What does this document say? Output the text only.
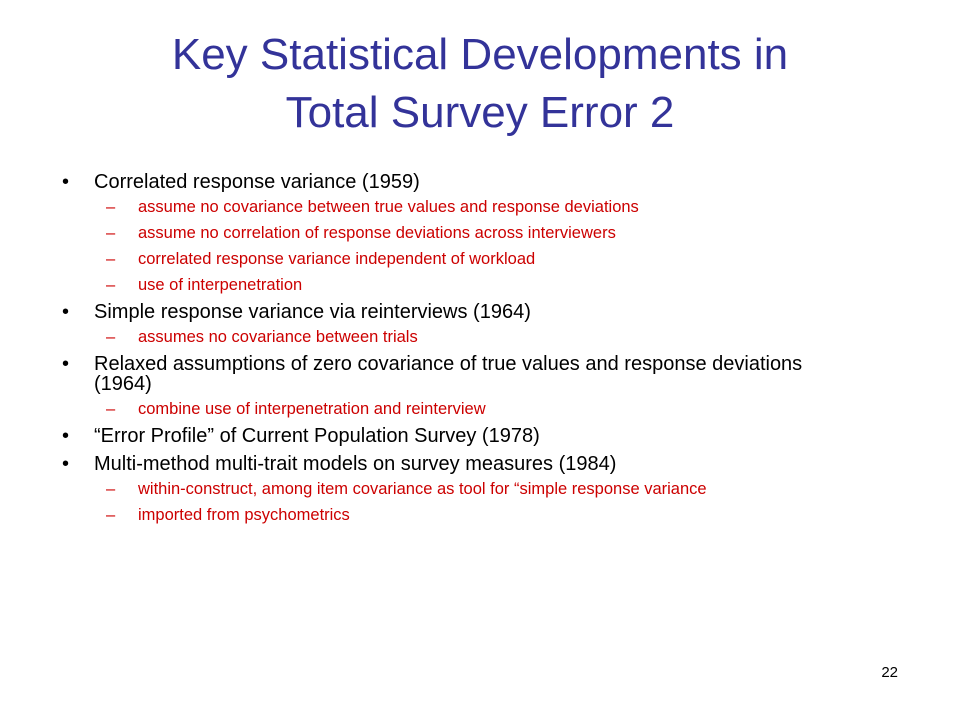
Key Statistical Developments in
Total Survey Error 2
•	Correlated response variance (1959)
– assume no covariance between true values and response deviations
– assume no correlation of response deviations across interviewers
– correlated response variance independent of workload
– use of interpenetration
•	Simple response variance via reinterviews (1964)
– assumes no covariance between trials
•	Relaxed assumptions of zero covariance of true values and response deviations (1964)
– combine use of interpenetration and reinterview
•	“Error Profile” of Current Population Survey (1978)
•	Multi-method multi-trait models on survey measures (1984)
– within-construct, among item covariance as tool for “simple response variance
– imported from psychometrics
22
